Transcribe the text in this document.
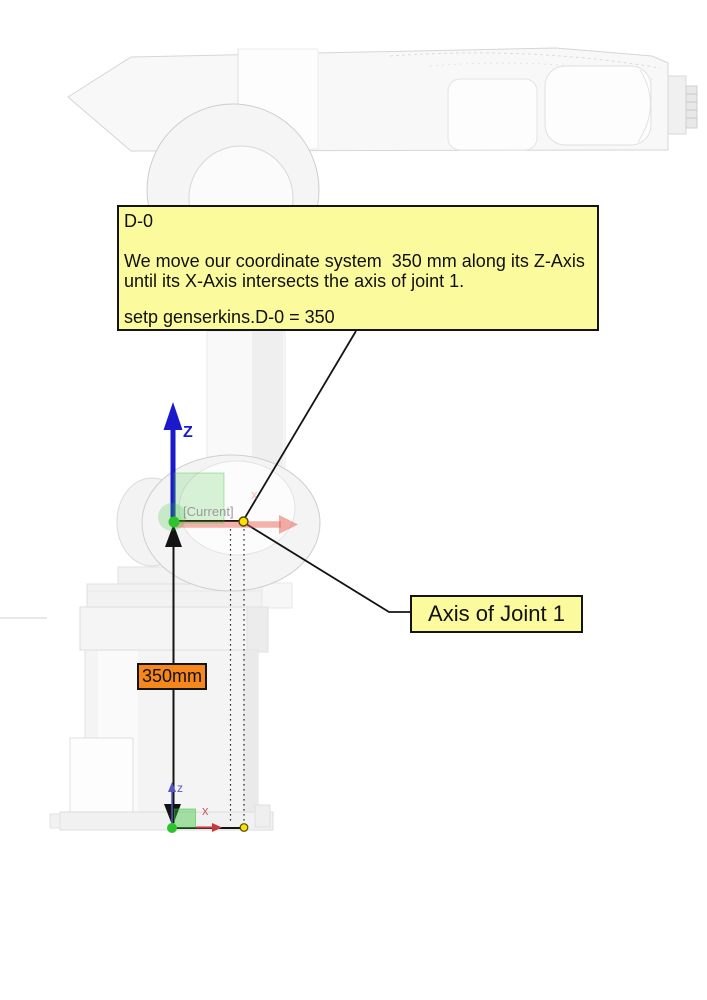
D-0
We move our coordinate system  350 mm along its Z-Axis
until its X-Axis intersects the axis of joint 1.
setp genserkins.D-0 = 350
Axis of Joint 1
350mm
Z
[Current]
x
z
x
